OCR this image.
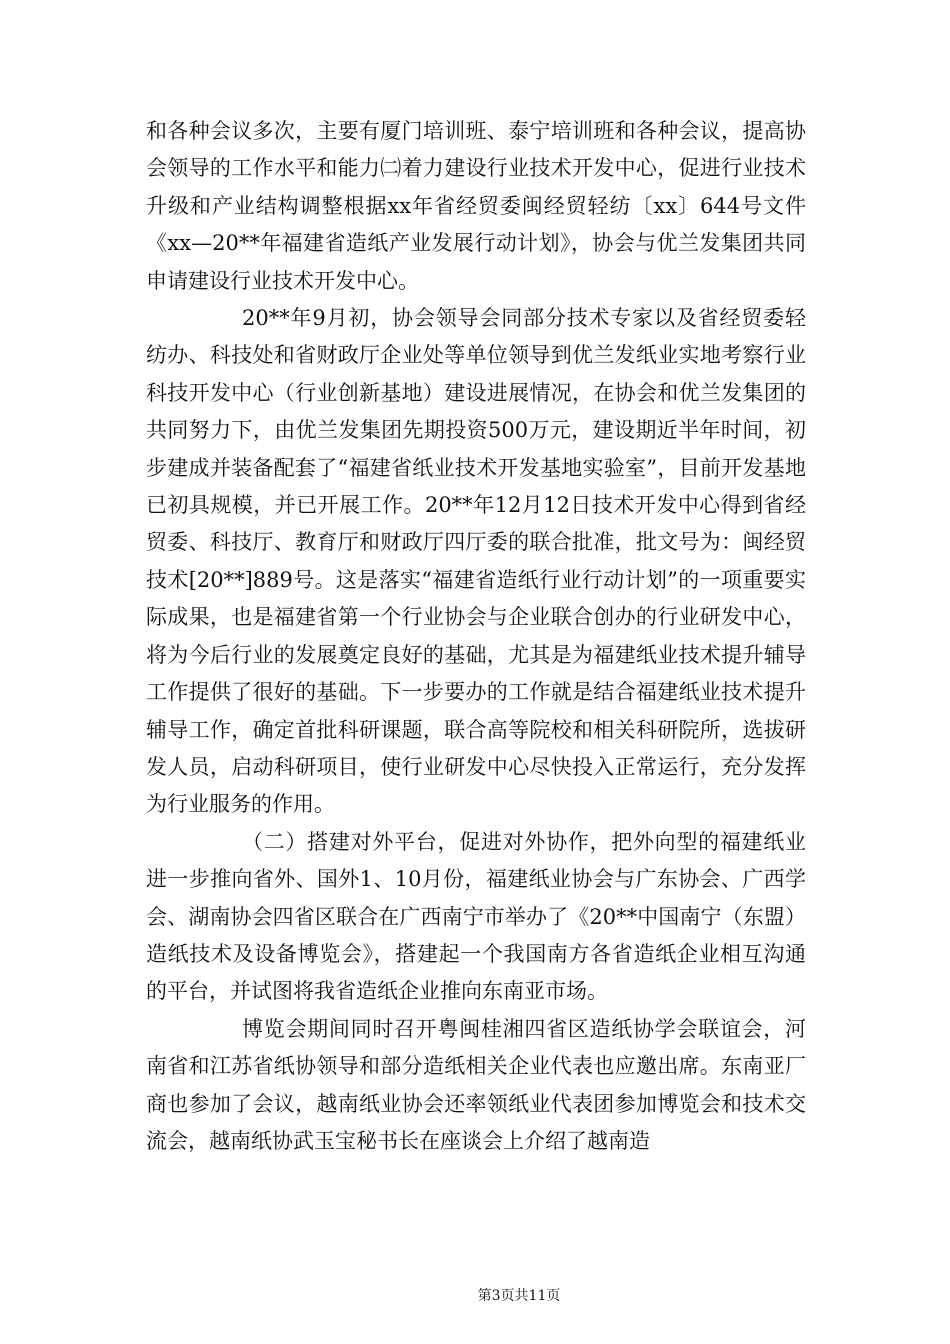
和各种会议多次，主要有厦门培训班、泰宁培训班和各种会议，提高协会领导的工作水平和能力㈡着力建设行业技术开发中心，促进行业技术升级和产业结构调整根据xx年省经贸委闽经贸轻纺〔xx〕644号文件《xx—20**年福建省造纸产业发展行动计划》，协会与优兰发集团共同申请建设行业技术开发中心。

20**年9月初，协会领导会同部分技术专家以及省经贸委轻纺办、科技处和省财政厅企业处等单位领导到优兰发纸业实地考察行业科技开发中心（行业创新基地）建设进展情况，在协会和优兰发集团的共同努力下，由优兰发集团先期投资500万元，建设期近半年时间，初步建成并装备配套了“福建省纸业技术开发基地实验室”，目前开发基地已初具规模，并已开展工作。20**年12月12日技术开发中心得到省经贸委、科技厅、教育厅和财政厅四厅委的联合批准，批文号为：闽经贸技术[20**]889号。这是落实“福建省造纸行业行动计划”的一项重要实际成果，也是福建省第一个行业协会与企业联合创办的行业研发中心，将为今后行业的发展奠定良好的基础，尤其是为福建纸业技术提升辅导工作提供了很好的基础。下一步要办的工作就是结合福建纸业技术提升辅导工作，确定首批科研课题，联合高等院校和相关科研院所，选拔研发人员，启动科研项目，使行业研发中心尽快投入正常运行，充分发挥为行业服务的作用。

（二）搭建对外平台，促进对外协作，把外向型的福建纸业进一步推向省外、国外1、10月份，福建纸业协会与广东协会、广西学会、湖南协会四省区联合在广西南宁市举办了《20**中国南宁（东盟）造纸技术及设备博览会》，搭建起一个我国南方各省造纸企业相互沟通的平台，并试图将我省造纸企业推向东南亚市场。

博览会期间同时召开粤闽桂湘四省区造纸协学会联谊会，河南省和江苏省纸协领导和部分造纸相关企业代表也应邀出席。东南亚厂商也参加了会议，越南纸业协会还率领纸业代表团参加博览会和技术交流会，越南纸协武玉宝秘书长在座谈会上介绍了越南造

第3页共11页
